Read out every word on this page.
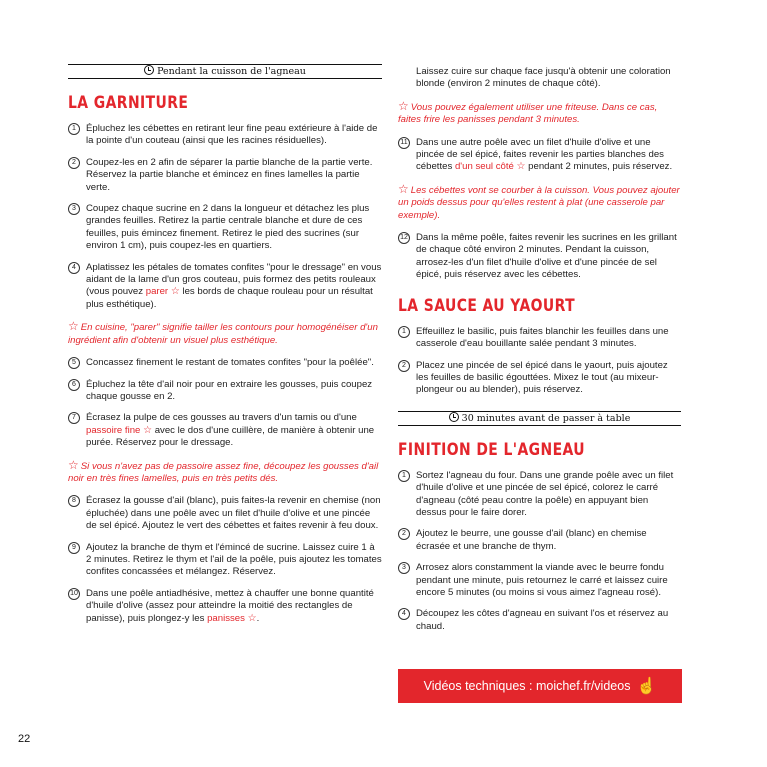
Pendant la cuisson de l'agneau
LA GARNITURE
1	Épluchez les cébettes en retirant leur fine peau extérieure à l'aide de la pointe d'un couteau (ainsi que les racines résiduelles).
2	Coupez-les en 2 afin de séparer la partie blanche de la partie verte. Réservez la partie blanche et émincez en fines lamelles la partie verte.
3	Coupez chaque sucrine en 2 dans la longueur et détachez les plus grandes feuilles. Retirez la partie centrale blanche et dure de ces feuilles, puis émincez finement. Retirez le pied des sucrines (sur environ 1 cm), puis coupez-les en quartiers.
4	Aplatissez les pétales de tomates confites "pour le dressage" en vous aidant de la lame d'un gros couteau, puis formez des petits rouleaux (vous pouvez parer ☆ les bords de chaque rouleau pour un résultat plus esthétique).
☆ En cuisine, "parer" signifie tailler les contours pour homogénéiser d'un ingrédient afin d'obtenir un visuel plus esthétique.
5	Concassez finement le restant de tomates confites "pour la poêlée".
6	Épluchez la tête d'ail noir pour en extraire les gousses, puis coupez chaque gousse en 2.
7	Écrasez la pulpe de ces gousses au travers d'un tamis ou d'une passoire fine ☆ avec le dos d'une cuillère, de manière à obtenir une purée. Réservez pour le dressage.
☆ Si vous n'avez pas de passoire assez fine, découpez les gousses d'ail noir en très fines lamelles, puis en très petits dés.
8	Écrasez la gousse d'ail (blanc), puis faites-la revenir en chemise (non épluchée) dans une poêle avec un filet d'huile d'olive et une pincée de sel épicé. Ajoutez le vert des cébettes et faites revenir à feu doux.
9	Ajoutez la branche de thym et l'émincé de sucrine. Laissez cuire 1 à 2 minutes. Retirez le thym et l'ail de la poêle, puis ajoutez les tomates confites concassées et mélangez. Réservez.
10 Dans une poêle antiadhésive, mettez à chauffer une bonne quantité d'huile d'olive (assez pour atteindre la moitié des rectangles de panisse), puis plongez-y les panisses ☆.
Laissez cuire sur chaque face jusqu'à obtenir une coloration blonde (environ 2 minutes de chaque côté).
☆ Vous pouvez également utiliser une friteuse. Dans ce cas, faites frire les panisses pendant 3 minutes.
11 Dans une autre poêle avec un filet d'huile d'olive et une pincée de sel épicé, faites revenir les parties blanches des cébettes d'un seul côté ☆ pendant 2 minutes, puis réservez.
☆ Les cébettes vont se courber à la cuisson. Vous pouvez ajouter un poids dessus pour qu'elles restent à plat (une casserole par exemple).
12 Dans la même poêle, faites revenir les sucrines en les grillant de chaque côté environ 2 minutes. Pendant la cuisson, arrosez-les d'un filet d'huile d'olive et d'une pincée de sel épicé, puis réservez avec les cébettes.
LA SAUCE AU YAOURT
1	Effeuillez le basilic, puis faites blanchir les feuilles dans une casserole d'eau bouillante salée pendant 3 minutes.
2	Placez une pincée de sel épicé dans le yaourt, puis ajoutez les feuilles de basilic égouttées. Mixez le tout (au mixeur-plongeur ou au blender), puis réservez.
30 minutes avant de passer à table
FINITION DE L'AGNEAU
1	Sortez l'agneau du four. Dans une grande poêle avec un filet d'huile d'olive et une pincée de sel épicé, colorez le carré d'agneau (côté peau contre la poêle) en appuyant bien dessus pour le faire dorer.
2	Ajoutez le beurre, une gousse d'ail (blanc) en chemise écrasée et une branche de thym.
3	Arrosez alors constamment la viande avec le beurre fondu pendant une minute, puis retournez le carré et laissez cuire encore 5 minutes (ou moins si vous aimez l'agneau rosé).
4	Découpez les côtes d'agneau en suivant l'os et réservez au chaud.
Vidéos techniques : moichef.fr/videos ☝
22
